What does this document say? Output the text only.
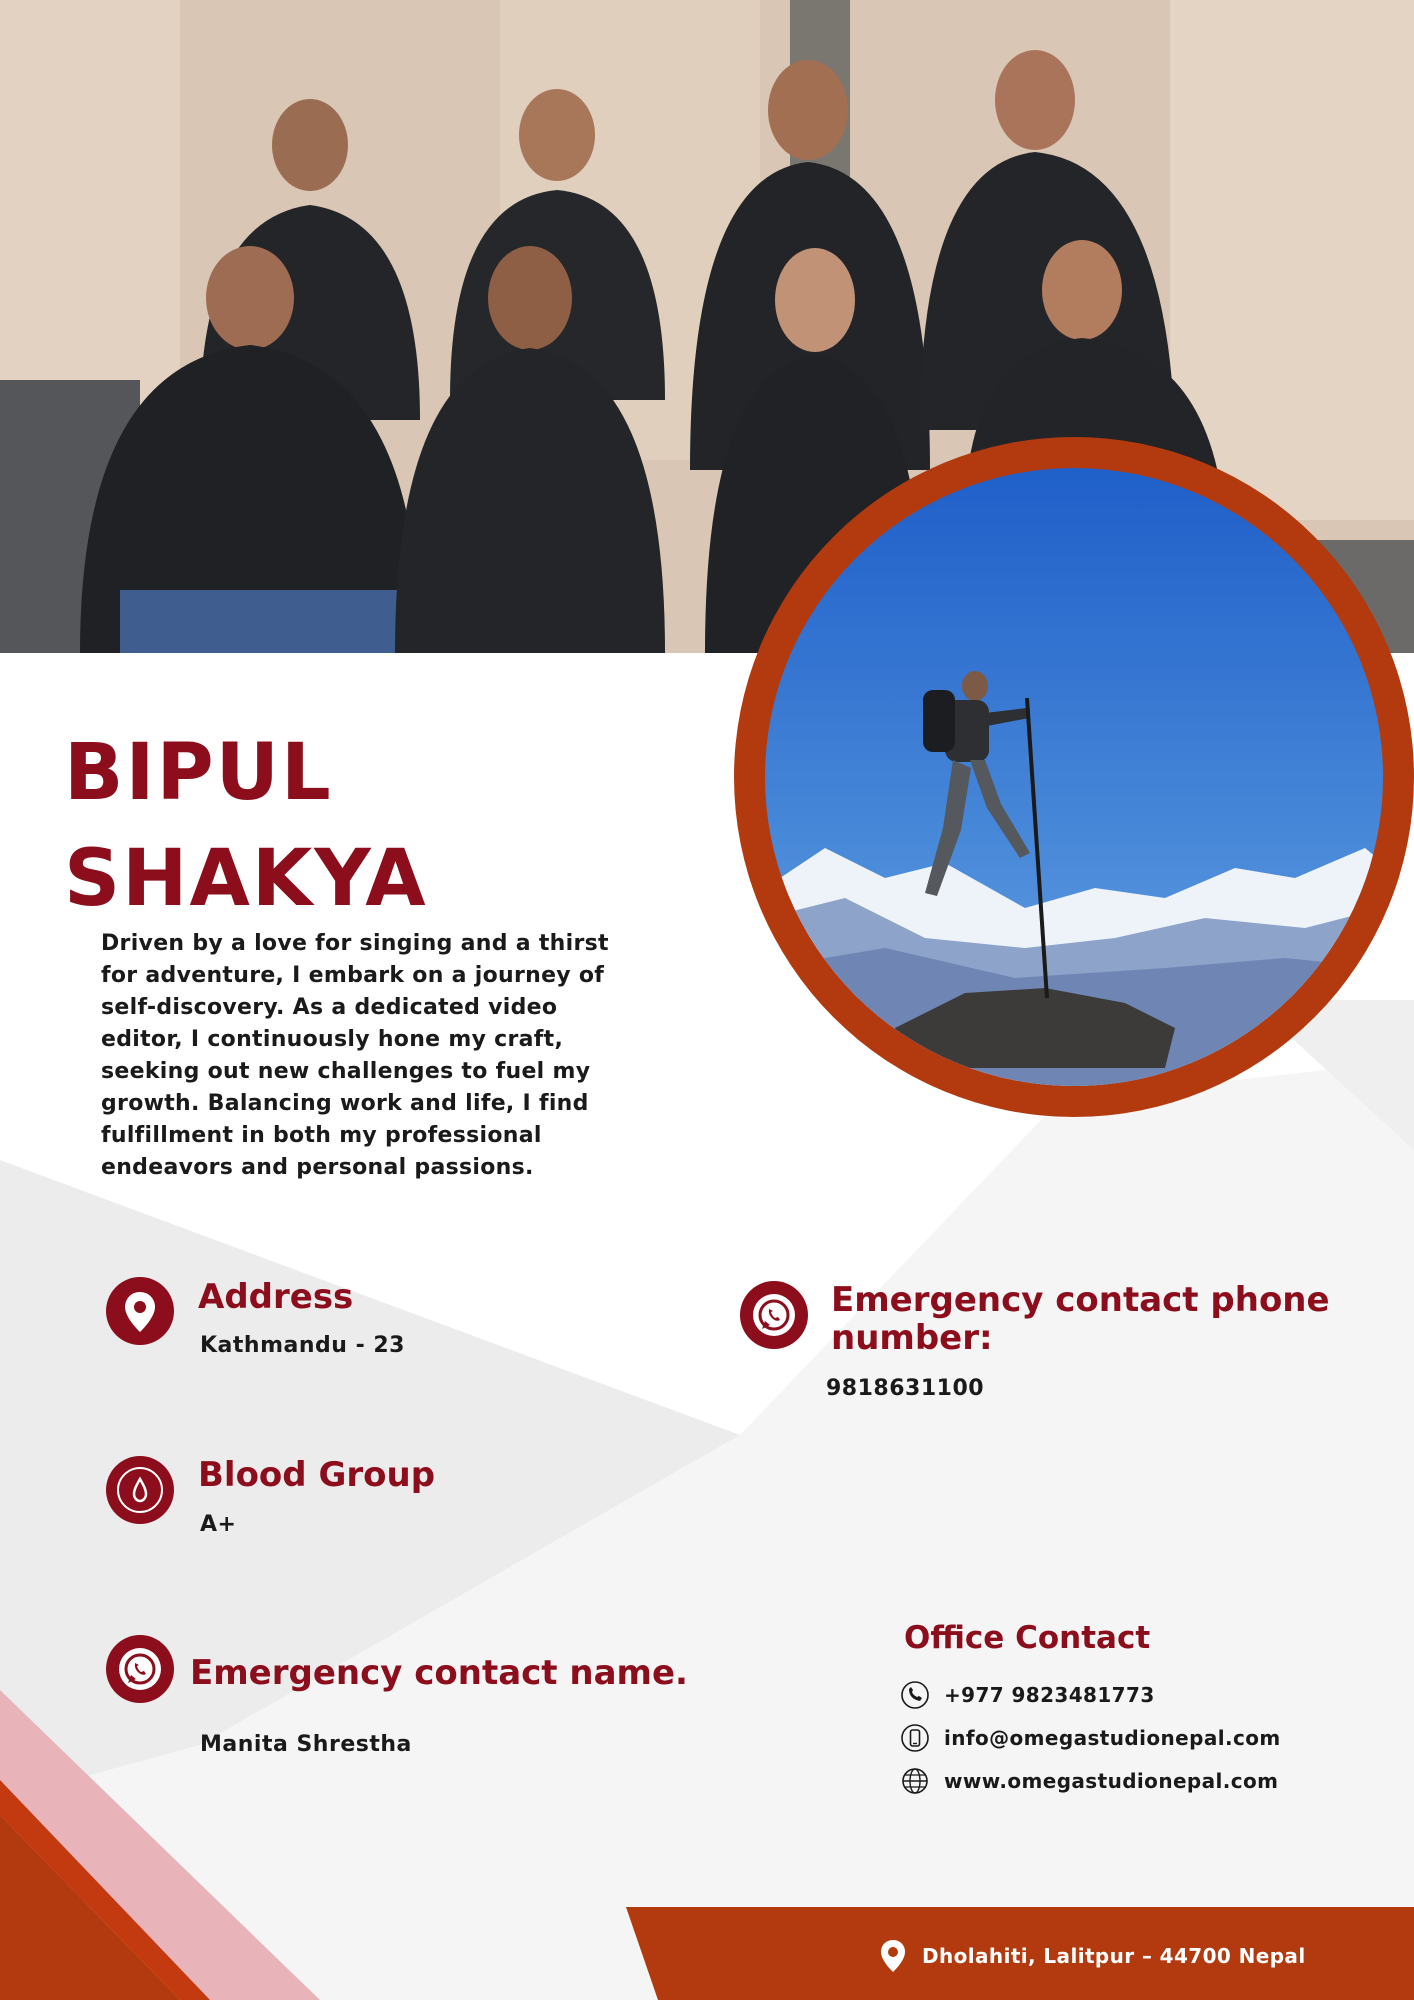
BIPUL
SHAKYA
Driven by a love for singing and a thirst for adventure, I embark on a journey of self-discovery. As a dedicated video editor, I continuously hone my craft, seeking out new challenges to fuel my growth. Balancing work and life, I find fulfillment in both my professional endeavors and personal passions.
Address
Kathmandu - 23
Blood Group
A+
Emergency contact name.
Manita Shrestha
Emergency contact phone
number:
9818631100
Office Contact
+977 9823481773
info@omegastudionepal.com
www.omegastudionepal.com
Dholahiti, Lalitpur – 44700 Nepal
